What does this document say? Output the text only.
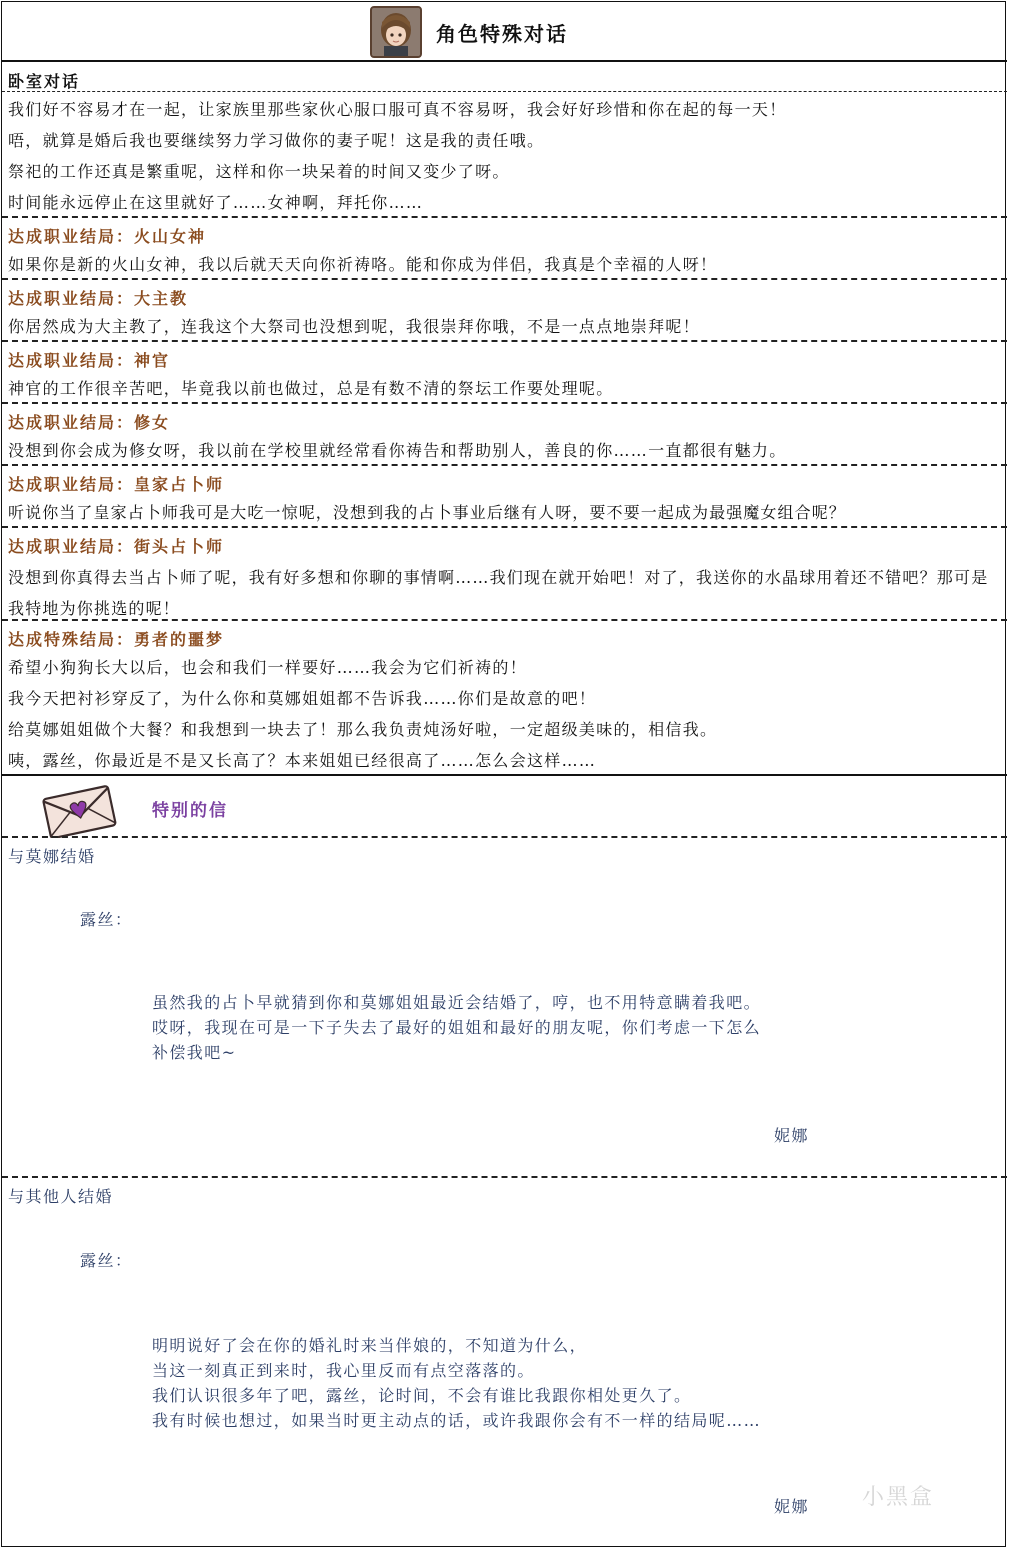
角色特殊对话
卧室对话
我们好不容易才在一起，让家族里那些家伙心服口服可真不容易呀，我会好好珍惜和你在起的每一天！
唔，就算是婚后我也要继续努力学习做你的妻子呢！这是我的责任哦。
祭祀的工作还真是繁重呢，这样和你一块呆着的时间又变少了呀。
时间能永远停止在这里就好了……女神啊，拜托你……
达成职业结局：火山女神
如果你是新的火山女神，我以后就天天向你祈祷咯。能和你成为伴侣，我真是个幸福的人呀！
达成职业结局：大主教
你居然成为大主教了，连我这个大祭司也没想到呢，我很崇拜你哦，不是一点点地崇拜呢！
达成职业结局：神官
神官的工作很辛苦吧，毕竟我以前也做过，总是有数不清的祭坛工作要处理呢。
达成职业结局：修女
没想到你会成为修女呀，我以前在学校里就经常看你祷告和帮助别人，善良的你……一直都很有魅力。
达成职业结局：皇家占卜师
听说你当了皇家占卜师我可是大吃一惊呢，没想到我的占卜事业后继有人呀，要不要一起成为最强魔女组合呢？
达成职业结局：街头占卜师
没想到你真得去当占卜师了呢，我有好多想和你聊的事情啊……我们现在就开始吧！对了，我送你的水晶球用着还不错吧？那可是我特地为你挑选的呢！
达成特殊结局：勇者的噩梦
希望小狗狗长大以后，也会和我们一样要好……我会为它们祈祷的！
我今天把衬衫穿反了，为什么你和莫娜姐姐都不告诉我……你们是故意的吧！
给莫娜姐姐做个大餐？和我想到一块去了！那么我负责炖汤好啦，一定超级美味的，相信我。
咦，露丝，你最近是不是又长高了？本来姐姐已经很高了……怎么会这样……
特别的信
与莫娜结婚
露丝：
虽然我的占卜早就猜到你和莫娜姐姐最近会结婚了，哼，也不用特意瞒着我吧。
哎呀，我现在可是一下子失去了最好的姐姐和最好的朋友呢，你们考虑一下怎么
补偿我吧~
妮娜
与其他人结婚
露丝：
明明说好了会在你的婚礼时来当伴娘的，不知道为什么，
当这一刻真正到来时，我心里反而有点空落落的。
我们认识很多年了吧，露丝，论时间，不会有谁比我跟你相处更久了。
我有时候也想过，如果当时更主动点的话，或许我跟你会有不一样的结局呢……
妮娜 小黑盒
